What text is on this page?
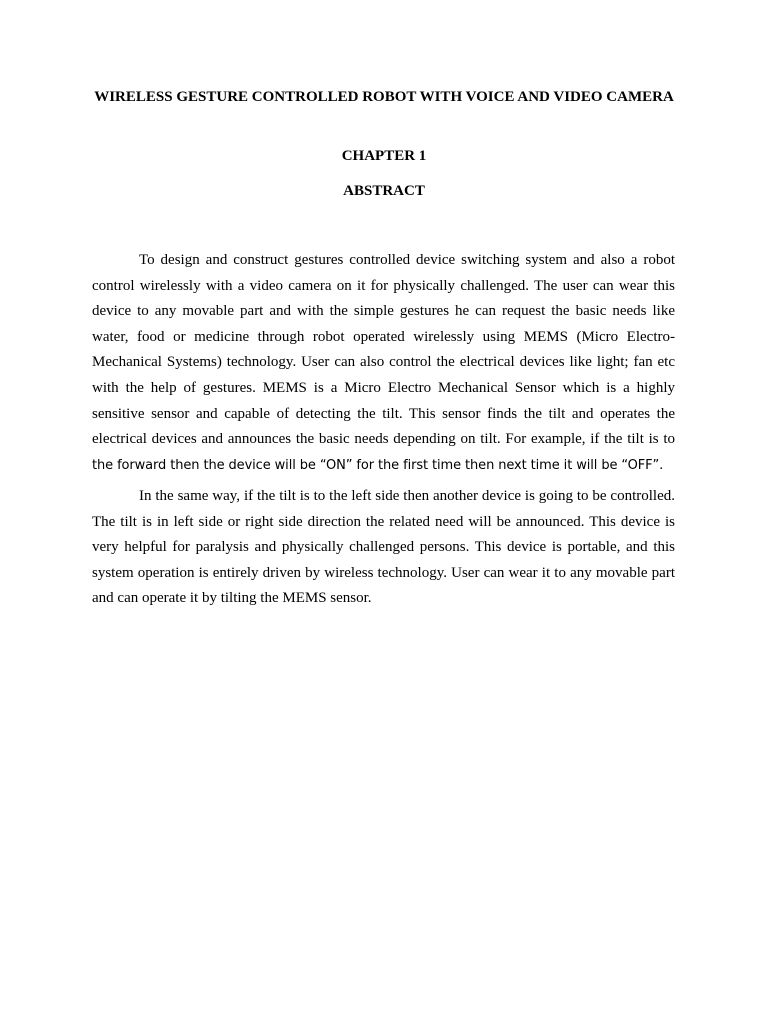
WIRELESS GESTURE CONTROLLED ROBOT WITH VOICE AND VIDEO CAMERA

CHAPTER 1

ABSTRACT

To design and construct gestures controlled device switching system and also a robot control wirelessly with a video camera on it for physically challenged. The user can wear this device to any movable part and with the simple gestures he can request the basic needs like water, food or medicine through robot operated wirelessly using MEMS (Micro Electro-Mechanical Systems) technology. User can also control the electrical devices like light; fan etc with the help of gestures. MEMS is a Micro Electro Mechanical Sensor which is a highly sensitive sensor and capable of detecting the tilt. This sensor finds the tilt and operates the electrical devices and announces the basic needs depending on tilt. For example, if the tilt is to the forward then the device will be “ON” for the first time then next time it will be “OFF”.

In the same way, if the tilt is to the left side then another device is going to be controlled. The tilt is in left side or right side direction the related need will be announced. This device is very helpful for paralysis and physically challenged persons. This device is portable, and this system operation is entirely driven by wireless technology. User can wear it to any movable part and can operate it by tilting the MEMS sensor.
